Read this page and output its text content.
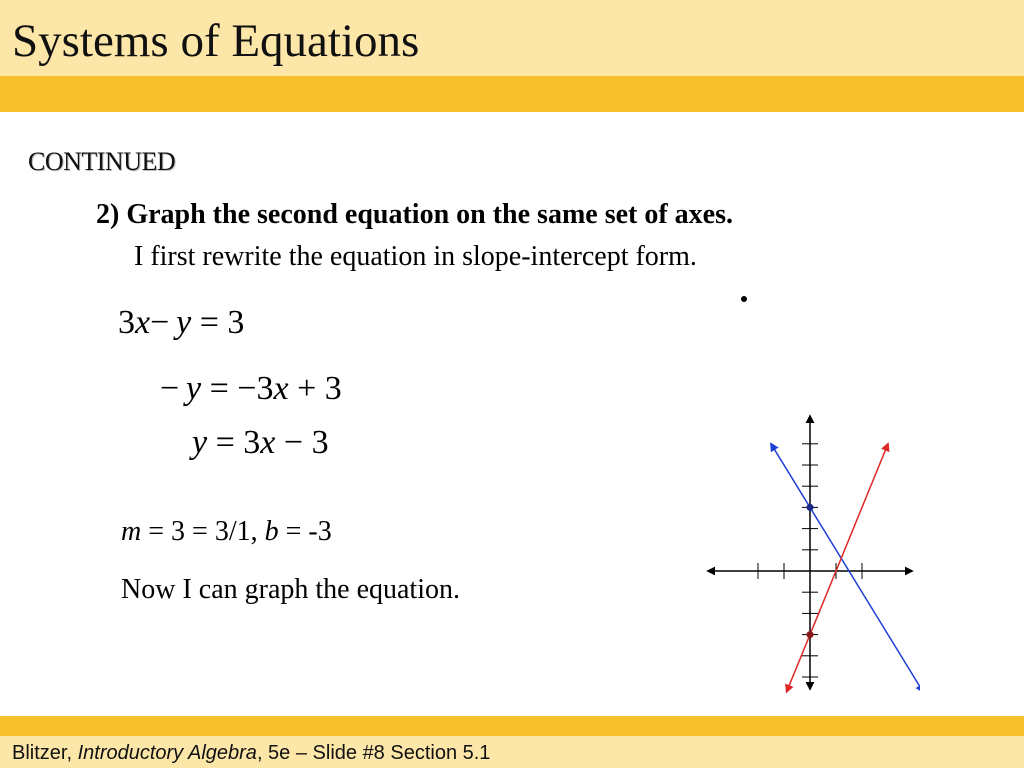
Systems of Equations
CONTINUED
2) Graph the second equation on the same set of axes.
I first rewrite the equation in slope-intercept form.
3x−  y = 3
−  y = −3x + 3
y = 3x − 3
m = 3 = 3/1, b = -3
Now I can graph the equation.
Blitzer, Introductory Algebra, 5e – Slide #8 Section 5.1
